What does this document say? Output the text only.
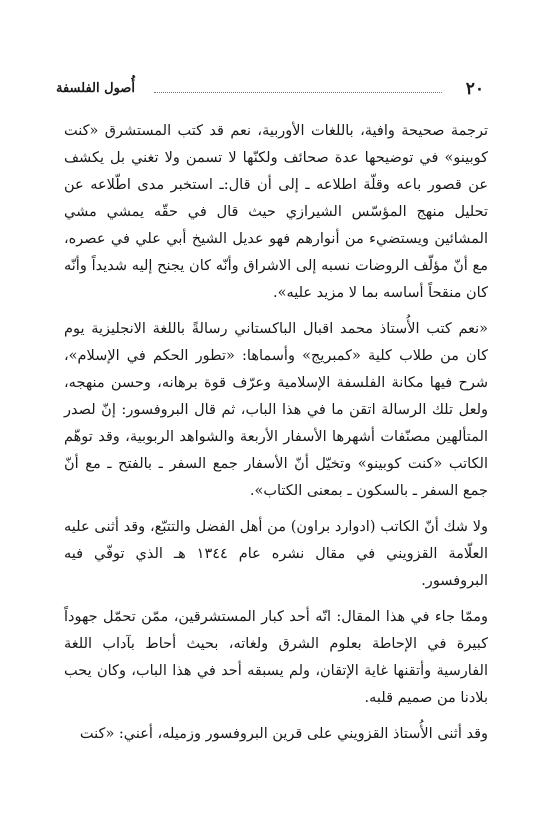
٢٠
أُصول الفلسفة

ترجمة صحيحة وافية، باللغات الأوربية، نعم قد كتب المستشرق «كنت كوبينو» في توضيحها عدة صحائف ولكنّها لا تسمن ولا تغني بل يكشف عن قصور باعه وقلّة اطلاعه ـ إلى أن قال:ـ استخبر مدى اطّلاعه عن تحليل منهج المؤسّس الشيرازي حيث قال في حقّه يمشي مشي المشائين ويستضيء من أنوارهم فهو عديل الشيخ أبي علي في عصره، مع أنّ مؤلّف الروضات نسبه إلى الاشراق وأنّه كان يجنح إليه شديداً وأنّه كان منقحاً أساسه بما لا مزيد عليه».

«نعم كتب الأُستاذ محمد اقبال الباكستاني رسالةً باللغة الانجليزية يوم كان من طلاب كلية «كمبريج» وأسماها: «تطور الحكم في الإسلام»، شرح فيها مكانة الفلسفة الإسلامية وعرّف قوة برهانه، وحسن منهجه، ولعل تلك الرسالة اتقن ما في هذا الباب، ثم قال البروفسور: إنّ لصدر المتألهين مصنّفات أشهرها الأسفار الأربعة والشواهد الربوبية، وقد توهّم الكاتب «كنت كوبينو» وتخيّل أنّ الأسفار جمع السفر ـ بالفتح ـ مع أنّ جمع السفر ـ بالسكون ـ بمعنى الكتاب».

ولا شك أنّ الكاتب (ادوارد براون) من أهل الفضل والتتبّع، وقد أثنى عليه العلّامة القزويني في مقال نشره عام ١٣٤٤ هـ الذي توفّي فيه البروفسور.

وممّا جاء في هذا المقال: انّه أحد كبار المستشرقين، ممّن تحمّل جهوداً كبيرة في الإحاطة بعلوم الشرق ولغاته، بحيث أحاط بآداب اللغة الفارسية وأتقنها غاية الإتقان، ولم يسبقه أحد في هذا الباب، وكان يحب بلادنا من صميم قلبه.

وقد أثنى الأُستاذ القزويني على قرين البروفسور وزميله، أعني: «كنت
